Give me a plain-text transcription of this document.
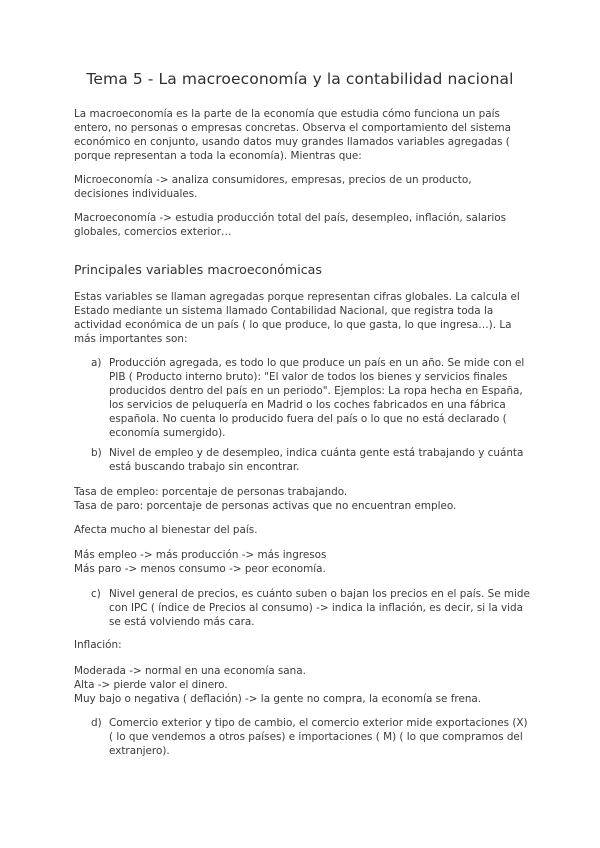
Tema 5 - La macroeconomía y la contabilidad nacional

La macroeconomía es la parte de la economía que estudia cómo funciona un país entero, no personas o empresas concretas. Observa el comportamiento del sistema económico en conjunto, usando datos muy grandes llamados variables agregadas ( porque representan a toda la economía). Mientras que:

Microeconomía -> analiza consumidores, empresas, precios de un producto, decisiones individuales.

Macroeconomía -> estudia producción total del país, desempleo, inflación, salarios globales, comercios exterior…

Principales variables macroeconómicas

Estas variables se llaman agregadas porque representan cifras globales. La calcula el Estado mediante un sistema llamado Contabilidad Nacional, que registra toda la actividad económica de un país ( lo que produce, lo que gasta, lo que ingresa…). La más importantes son:

a) Producción agregada, es todo lo que produce un país en un año. Se mide con el PIB ( Producto interno bruto): "El valor de todos los bienes y servicios finales producidos dentro del país en un periodo". Ejemplos: La ropa hecha en España, los servicios de peluquería en Madrid o los coches fabricados en una fábrica española. No cuenta lo producido fuera del país o lo que no está declarado ( economía sumergido).
b) Nivel de empleo y de desempleo, indica cuánta gente está trabajando y cuánta está buscando trabajo sin encontrar.

Tasa de empleo: porcentaje de personas trabajando.

Tasa de paro: porcentaje de personas activas que no encuentran empleo.

Afecta mucho al bienestar del país.

Más empleo -> más producción -> más ingresos

Más paro -> menos consumo -> peor economía.

c) Nivel general de precios, es cuánto suben o bajan los precios en el país. Se mide con IPC ( índice de Precios al consumo) -> indica la inflación, es decir, si la vida se está volviendo más cara.

Inflación:

Moderada -> normal en una economía sana.

Alta -> pierde valor el dinero.

Muy bajo o negativa ( deflación) -> la gente no compra, la economía se frena.

d) Comercio exterior y tipo de cambio, el comercio exterior mide exportaciones (X) ( lo que vendemos a otros países) e importaciones ( M) ( lo que compramos del extranjero).
